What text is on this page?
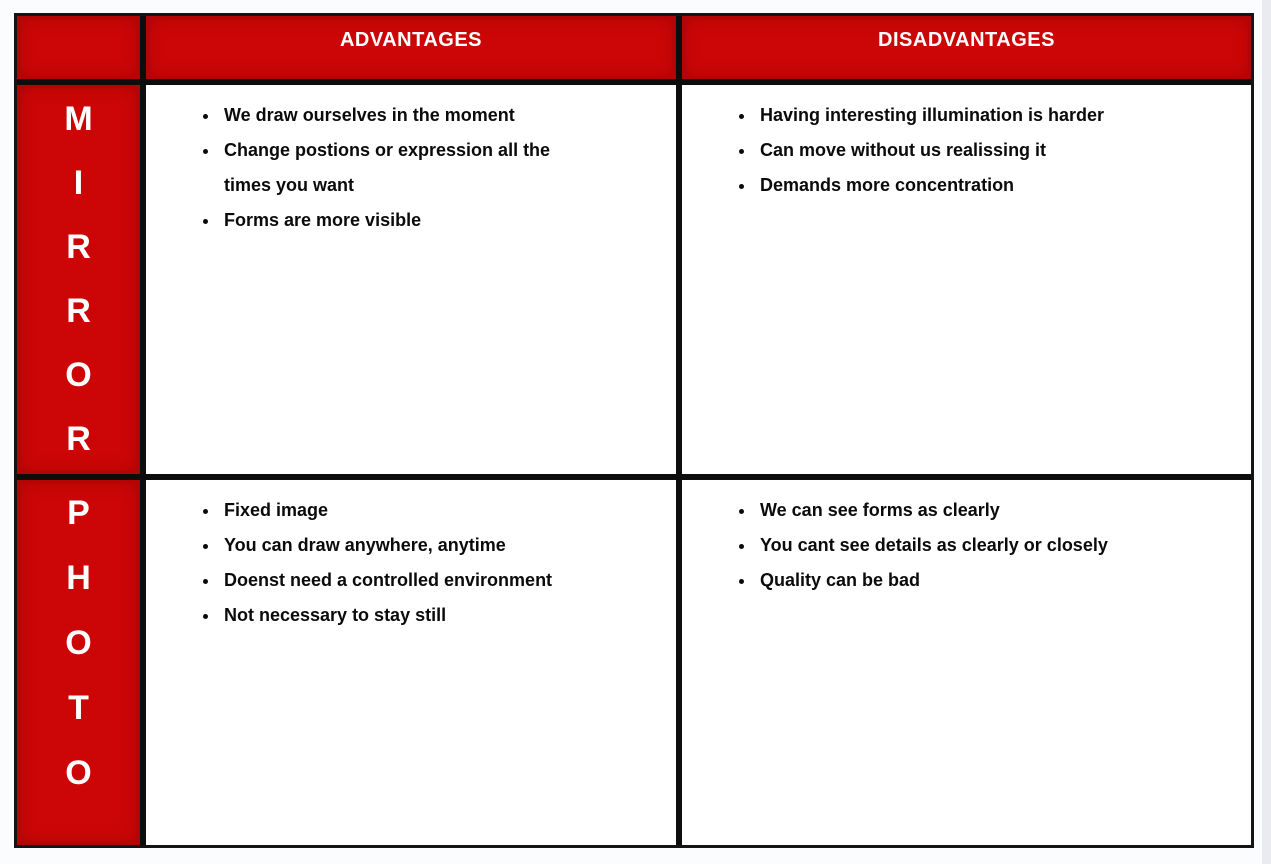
ADVANTAGES	DISADVANTAGES
M
I
R
R
O
R
• We draw ourselves in the moment
• Change postions or expression all the times you want
• Forms are more visible
• Having interesting illumination is harder
• Can move without us realissing it
• Demands more concentration
P
H
O
T
O
• Fixed image
• You can draw anywhere, anytime
• Doenst need a controlled environment
• Not necessary to stay still
• We can see forms as clearly
• You cant see details as clearly or closely
• Quality can be bad
